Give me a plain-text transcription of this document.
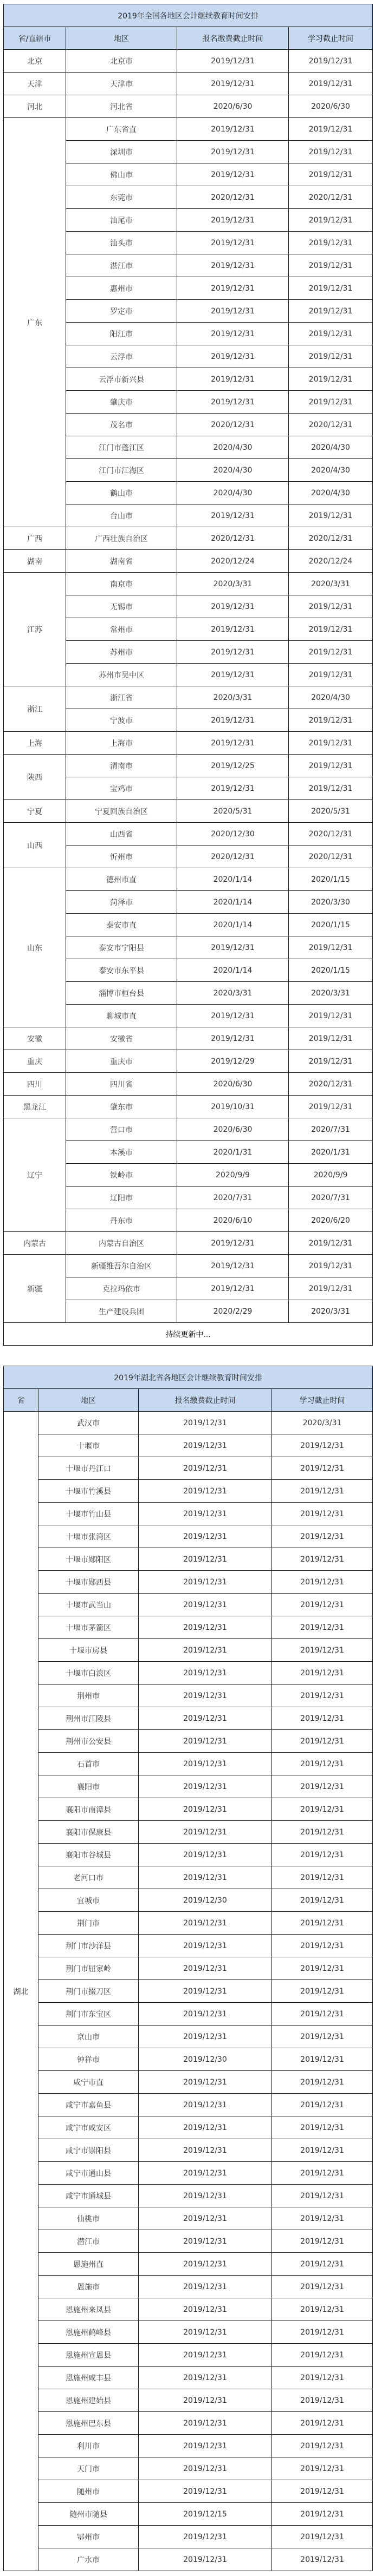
2019年全国各地区会计继续教育时间安排			
省/直辖市	地区	报名缴费截止时间	学习截止时间
北京	北京市	2019/12/31	2019/12/31
天津	天津市	2019/12/31	2019/12/31
河北	河北省	2020/6/30	2020/6/30
广东	广东省直	2019/12/31	2019/12/31
	深圳市	2019/12/31	2019/12/31
	佛山市	2019/12/31	2019/12/31
	东莞市	2020/12/31	2020/12/31
	汕尾市	2019/12/31	2019/12/31
	汕头市	2019/12/31	2019/12/31
	湛江市	2019/12/31	2019/12/31
	惠州市	2019/12/31	2019/12/31
	罗定市	2019/12/31	2019/12/31
	阳江市	2019/12/31	2019/12/31
	云浮市	2019/12/31	2019/12/31
	云浮市新兴县	2019/12/31	2019/12/31
	肇庆市	2019/12/31	2019/12/31
	茂名市	2020/12/31	2020/12/31
	江门市蓬江区	2020/4/30	2020/4/30
	江门市江海区	2020/4/30	2020/4/30
	鹤山市	2020/4/30	2020/4/30
	台山市	2019/12/31	2019/12/31
广西	广西壮族自治区	2020/12/31	2020/12/31
湖南	湖南省	2020/12/24	2020/12/24
江苏	南京市	2020/3/31	2020/3/31
	无锡市	2019/12/31	2019/12/31
	常州市	2019/12/31	2019/12/31
	苏州市	2019/12/31	2019/12/31
	苏州市吴中区	2019/12/31	2019/12/31
浙江	浙江省	2020/3/31	2020/4/30
	宁波市	2019/12/31	2019/12/31
上海	上海市	2019/12/31	2019/12/31
陕西	渭南市	2019/12/25	2019/12/31
	宝鸡市	2019/12/31	2019/12/31
宁夏	宁夏回族自治区	2020/5/31	2020/5/31
山西	山西省	2020/12/30	2020/12/31
	忻州市	2020/12/31	2020/12/31
山东	德州市直	2020/1/14	2020/1/15
	菏泽市	2020/1/14	2020/3/30
	泰安市直	2020/1/14	2020/1/15
	泰安市宁阳县	2019/12/31	2019/12/31
	泰安市东平县	2020/1/14	2020/1/15
	淄博市桓台县	2020/3/31	2020/3/31
	聊城市直	2019/12/31	2019/12/31
安徽	安徽省	2019/12/31	2019/12/31
重庆	重庆市	2019/12/29	2019/12/31
四川	四川省	2020/6/30	2020/12/31
黑龙江	肇东市	2019/10/31	2019/12/31
辽宁	营口市	2020/6/30	2020/7/31
	本溪市	2020/1/31	2020/1/31
	铁岭市	2020/9/9	2020/9/9
	辽阳市	2020/7/31	2020/7/31
	丹东市	2020/6/10	2020/6/20
内蒙古	内蒙古自治区	2019/12/31	2019/12/31
新疆	新疆维吾尔自治区	2019/12/31	2019/12/31
	克拉玛依市	2019/12/31	2019/12/31
	生产建设兵团	2020/2/29	2020/3/31
持续更新中...			
2019年湖北省各地区会计继续教育时间安排			
省	地区	报名缴费截止时间	学习截止时间
湖北	武汉市	2019/12/31	2020/3/31
	十堰市	2019/12/31	2019/12/31
	十堰市丹江口	2019/12/31	2019/12/31
	十堰市竹溪县	2019/12/31	2019/12/31
	十堰市竹山县	2019/12/31	2019/12/31
	十堰市张湾区	2019/12/31	2019/12/31
	十堰市郧阳区	2019/12/31	2019/12/31
	十堰市郧西县	2019/12/31	2019/12/31
	十堰市武当山	2019/12/31	2019/12/31
	十堰市茅箭区	2019/12/31	2019/12/31
	十堰市房县	2019/12/31	2019/12/31
	十堰市白浪区	2019/12/31	2019/12/31
	荆州市	2019/12/31	2019/12/31
	荆州市江陵县	2019/12/31	2019/12/31
	荆州市公安县	2019/12/31	2019/12/31
	石首市	2019/12/31	2019/12/31
	襄阳市	2019/12/31	2019/12/31
	襄阳市南漳县	2019/12/31	2019/12/31
	襄阳市保康县	2019/12/31	2019/12/31
	襄阳市谷城县	2019/12/31	2019/12/31
	老河口市	2019/12/31	2019/12/31
	宜城市	2019/12/30	2019/12/31
	荆门市	2019/12/31	2019/12/31
	荆门市沙洋县	2019/12/31	2019/12/31
	荆门市屈家岭	2019/12/31	2019/12/31
	荆门市掇刀区	2019/12/31	2019/12/31
	荆门市东宝区	2019/12/31	2019/12/31
	京山市	2019/12/31	2019/12/31
	钟祥市	2019/12/30	2019/12/31
	咸宁市直	2019/12/31	2019/12/31
	咸宁市嘉鱼县	2019/12/31	2019/12/31
	咸宁市咸安区	2019/12/31	2019/12/31
	咸宁市崇阳县	2019/12/31	2019/12/31
	咸宁市通山县	2019/12/31	2019/12/31
	咸宁市通城县	2019/12/31	2019/12/31
	仙桃市	2019/12/31	2019/12/31
	潜江市	2019/12/31	2019/12/31
	恩施州直	2019/12/31	2019/12/31
	恩施市	2019/12/31	2019/12/31
	恩施州来凤县	2019/12/31	2019/12/31
	恩施州鹤峰县	2019/12/31	2019/12/31
	恩施州宣恩县	2019/12/31	2019/12/31
	恩施州咸丰县	2019/12/31	2019/12/31
	恩施州建始县	2019/12/31	2019/12/31
	恩施州巴东县	2019/12/31	2019/12/31
	利川市	2019/12/31	2019/12/31
	天门市	2019/12/31	2019/12/31
	随州市	2019/12/31	2019/12/31
	随州市随县	2019/12/15	2019/12/31
	鄂州市	2019/12/31	2019/12/31
	广水市	2019/12/31	2019/12/31
